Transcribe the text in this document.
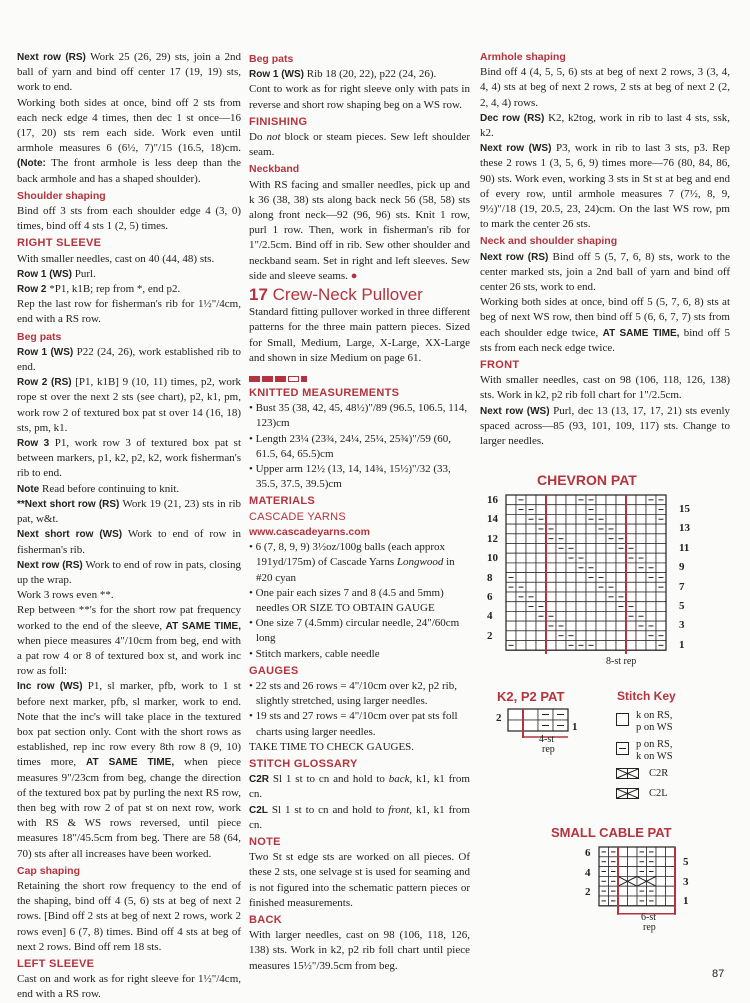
Next row (RS) Work 25 (26, 29) sts, join a 2nd ball of yarn and bind off center 17 (19, 19) sts, work to end.

Working both sides at once, bind off 2 sts from each neck edge 4 times, then dec 1 st once—16 (17, 20) sts rem each side. Work even until armhole measures 6 (6½, 7)"/15 (16.5, 18)cm. (Note: The front armhole is less deep than the back armhole and has a shaped shoulder).

Shoulder shaping

Bind off 3 sts from each shoulder edge 4 (3, 0) times, bind off 4 sts 1 (2, 5) times.

RIGHT SLEEVE

With smaller needles, cast on 40 (44, 48) sts.

Row 1 (WS) Purl.

Row 2 *P1, k1B; rep from *, end p2.

Rep the last row for fisherman's rib for 1½"/4cm, end with a RS row.

Beg pats

Row 1 (WS) P22 (24, 26), work established rib to end.

Row 2 (RS) [P1, k1B] 9 (10, 11) times, p2, work rope st over the next 2 sts (see chart), p2, k1, pm, work row 2 of textured box pat st over 14 (16, 18) sts, pm, k1.

Row 3 P1, work row 3 of textured box pat st between markers, p1, k2, p2, k2, work fisherman's rib to end.

Note Read before continuing to knit.

**Next short row (RS) Work 19 (21, 23) sts in rib pat, w&t.

Next short row (WS) Work to end of row in fisherman's rib.

Next row (RS) Work to end of row in pats, closing up the wrap.

Work 3 rows even **.

Rep between **'s for the short row pat frequency worked to the end of the sleeve, AT SAME TIME, when piece measures 4"/10cm from beg, end with a pat row 4 or 8 of textured box st, and work inc row as foll:

Inc row (WS) P1, sl marker, pfb, work to 1 st before next marker, pfb, sl marker, work to end. Note that the inc's will take place in the textured box pat section only. Cont with the short rows as established, rep inc row every 8th row 8 (9, 10) times more, AT SAME TIME, when piece measures 9"/23cm from beg, change the direction of the textured box pat by purling the next RS row, then beg with row 2 of pat st on next row, work with RS & WS rows reversed, until piece measures 18"/45.5cm from beg. There are 58 (64, 70) sts after all increases have been worked.

Cap shaping

Retaining the short row frequency to the end of the shaping, bind off 4 (5, 6) sts at beg of next 2 rows. [Bind off 2 sts at beg of next 2 rows, work 2 rows even] 6 (7, 8) times. Bind off 4 sts at beg of next 2 rows. Bind off rem 18 sts.

LEFT SLEEVE

Cast on and work as for right sleeve for 1½"/4cm, end with a RS row.

Beg pats

Row 1 (WS) Rib 18 (20, 22), p22 (24, 26).

Cont to work as for right sleeve only with pats in reverse and short row shaping beg on a WS row.

FINISHING

Do not block or steam pieces. Sew left shoulder seam.

Neckband

With RS facing and smaller needles, pick up and k 36 (38, 38) sts along back neck 56 (58, 58) sts along front neck—92 (96, 96) sts. Knit 1 row, purl 1 row. Then, work in fisherman's rib for 1"/2.5cm. Bind off in rib. Sew other shoulder and neckband seam. Set in right and left sleeves. Sew side and sleeve seams. ●

17 Crew-Neck Pullover

Standard fitting pullover worked in three different patterns for the three main pattern pieces. Sized for Small, Medium, Large, X-Large, XX-Large and shown in size Medium on page 61.

KNITTED MEASUREMENTS

• Bust 35 (38, 42, 45, 48½)"/89 (96.5, 106.5, 114, 123)cm

• Length 23¼ (23¾, 24¼, 25¼, 25¾)"/59 (60, 61.5, 64, 65.5)cm

• Upper arm 12½ (13, 14, 14¾, 15½)"/32 (33, 35.5, 37.5, 39.5)cm

MATERIALS

CASCADE YARNS

www.cascadeyarns.com

• 6 (7, 8, 9, 9) 3½oz/100g balls (each approx 191yd/175m) of Cascade Yarns Longwood in #20 cyan

• One pair each sizes 7 and 8 (4.5 and 5mm) needles OR SIZE TO OBTAIN GAUGE

• One size 7 (4.5mm) circular needle, 24"/60cm long

• Stitch markers, cable needle

GAUGES

• 22 sts and 26 rows = 4"/10cm over k2, p2 rib, slightly stretched, using larger needles.

• 19 sts and 27 rows = 4"/10cm over pat sts foll charts using larger needles.

TAKE TIME TO CHECK GAUGES.

STITCH GLOSSARY

C2R Sl 1 st to cn and hold to back, k1, k1 from cn.

C2L Sl 1 st to cn and hold to front, k1, k1 from cn.

NOTE

Two St st edge sts are worked on all pieces. Of these 2 sts, one selvage st is used for seaming and is not figured into the schematic pattern pieces or finished measurements.

BACK

With larger needles, cast on 98 (106, 118, 126, 138) sts. Work in k2, p2 rib foll chart until piece measures 15½"/39.5cm from beg.

Armhole shaping

Bind off 4 (4, 5, 5, 6) sts at beg of next 2 rows, 3 (3, 4, 4, 4) sts at beg of next 2 rows, 2 sts at beg of next 2 (2, 2, 4, 4) rows.

Dec row (RS) K2, k2tog, work in rib to last 4 sts, ssk, k2.

Next row (WS) P3, work in rib to last 3 sts, p3. Rep these 2 rows 1 (3, 5, 6, 9) times more—76 (80, 84, 86, 90) sts. Work even, working 3 sts in St st at beg and end of every row, until armhole measures 7 (7½, 8, 9, 9½)"/18 (19, 20.5, 23, 24)cm. On the last WS row, pm to mark the center 26 sts.

Neck and shoulder shaping

Next row (RS) Bind off 5 (5, 7, 6, 8) sts, work to the center marked sts, join a 2nd ball of yarn and bind off center 26 sts, work to end.

Working both sides at once, bind off 5 (5, 7, 6, 8) sts at beg of next WS row, then bind off 5 (6, 6, 7, 7) sts from each shoulder edge twice, AT SAME TIME, bind off 5 sts from each neck edge twice.

FRONT

With smaller needles, cast on 98 (106, 118, 126, 138) sts. Work in k2, p2 rib foll chart for 1"/2.5cm.

Next row (WS) Purl, dec 13 (13, 17, 17, 21) sts evenly spaced across—85 (93, 101, 109, 117) sts. Change to larger needles.

CHEVRON PAT
16
14
12
10
8
6
4
2
15
13
11
9
7
5
3
1
8-st rep
K2, P2 PAT
2
1
4-st
rep
Stitch Key
k on RS,
p on WS
p on RS,
k on WS
C2R
C2L
SMALL CABLE PAT
6
4
2
5
3
1
6-st
rep
87
